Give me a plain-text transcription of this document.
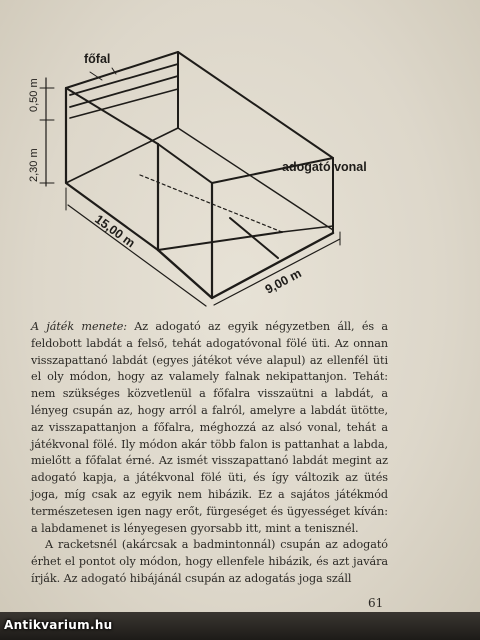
főfal
0,50 m
2,30 m	adogató vonal
15,00 m
9,00 m

A játék menete: Az adogató az egyik négyzetben áll, és a feldobott labdát a felső, tehát adogatóvonal fölé üti. Az onnan visszapattanó labdát (egyes játékot véve alapul) az ellenfél üti el oly módon, hogy az valamely falnak nekipattanjon. Tehát: nem szükséges közvetlenül a főfalra visszaütni a labdát, a lényeg csupán az, hogy arról a falról, amelyre a labdát ütötte, az visszapattanjon a főfalra, méghozzá az alsó vonal, tehát a játékvonal fölé. Ily módon akár több falon is pattanhat a labda, mielőtt a főfalat érné. Az ismét visszapattanó labdát megint az adogató kapja, a játékvonal fölé üti, és így változik az ütés joga, míg csak az egyik nem hibázik. Ez a sajátos játékmód természetesen igen nagy erőt, fürgeséget és ügyességet kíván: a labdamenet is lényegesen gyorsabb itt, mint a tenisznél.

A racketsnél (akárcsak a badmintonnál) csupán az adogató érhet el pontot oly módon, hogy ellenfele hibázik, és azt javára írják. Az adogató hibájánál csupán az adogatás joga száll

61
Antikvarium.hu
